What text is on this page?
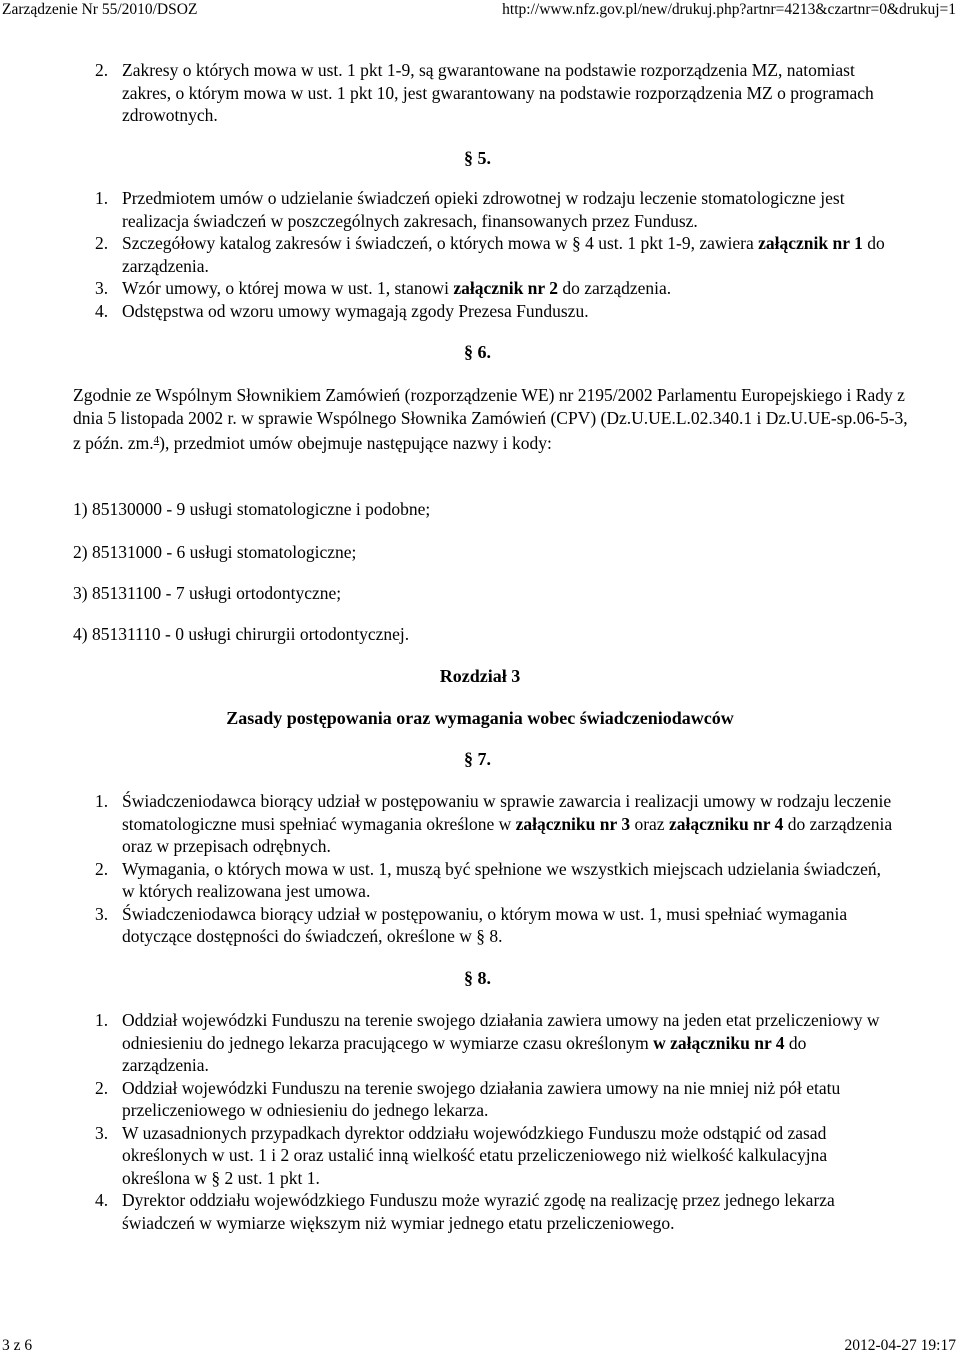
Zarządzenie Nr 55/2010/DSOZ	http://www.nfz.gov.pl/new/drukuj.php?artnr=4213&czartnr=0&drukuj=1
2. Zakresy o których mowa w ust. 1 pkt 1-9, są gwarantowane na podstawie rozporządzenia MZ, natomiast zakres, o którym mowa w ust. 1 pkt 10, jest gwarantowany na podstawie rozporządzenia MZ o programach zdrowotnych.
§ 5.
1. Przedmiotem umów o udzielanie świadczeń opieki zdrowotnej w rodzaju leczenie stomatologiczne jest realizacja świadczeń w poszczególnych zakresach, finansowanych przez Fundusz.
2. Szczegółowy katalog zakresów i świadczeń, o których mowa w § 4 ust. 1 pkt 1-9, zawiera załącznik nr 1 do zarządzenia.
3. Wzór umowy, o której mowa w ust. 1, stanowi załącznik nr 2 do zarządzenia.
4. Odstępstwa od wzoru umowy wymagają zgody Prezesa Funduszu.
§ 6.

Zgodnie ze Wspólnym Słownikiem Zamówień (rozporządzenie WE) nr 2195/2002 Parlamentu Europejskiego i Rady z dnia 5 listopada 2002 r. w sprawie Wspólnego Słownika Zamówień (CPV) (Dz.U.UE.L.02.340.1 i Dz.U.UE-sp.06-5-3, z późn. zm.$^4$), przedmiot umów obejmuje następujące nazwy i kody:

1) 85130000 - 9 usługi stomatologiczne i podobne;
2) 85131000 - 6 usługi stomatologiczne;
3) 85131100 - 7 usługi ortodontyczne;
4) 85131110 - 0 usługi chirurgii ortodontycznej.
Rozdział 3
Zasady postępowania oraz wymagania wobec świadczeniodawców
§ 7.
1. Świadczeniodawca biorący udział w postępowaniu w sprawie zawarcia i realizacji umowy w rodzaju leczenie stomatologiczne musi spełniać wymagania określone w załączniku nr 3 oraz załączniku nr 4 do zarządzenia oraz w przepisach odrębnych.
2. Wymagania, o których mowa w ust. 1, muszą być spełnione we wszystkich miejscach udzielania świadczeń, w których realizowana jest umowa.
3. Świadczeniodawca biorący udział w postępowaniu, o którym mowa w ust. 1, musi spełniać wymagania dotyczące dostępności do świadczeń, określone w § 8.
§ 8.
1. Oddział wojewódzki Funduszu na terenie swojego działania zawiera umowy na jeden etat przeliczeniowy w odniesieniu do jednego lekarza pracującego w wymiarze czasu określonym w załączniku nr 4 do zarządzenia.
2. Oddział wojewódzki Funduszu na terenie swojego działania zawiera umowy na nie mniej niż pół etatu przeliczeniowego w odniesieniu do jednego lekarza.
3. W uzasadnionych przypadkach dyrektor oddziału wojewódzkiego Funduszu może odstąpić od zasad określonych w ust. 1 i 2 oraz ustalić inną wielkość etatu przeliczeniowego niż wielkość kalkulacyjna określona w § 2 ust. 1 pkt 1.
4. Dyrektor oddziału wojewódzkiego Funduszu może wyrazić zgodę na realizację przez jednego lekarza świadczeń w wymiarze większym niż wymiar jednego etatu przeliczeniowego.
3 z 6	2012-04-27 19:17
